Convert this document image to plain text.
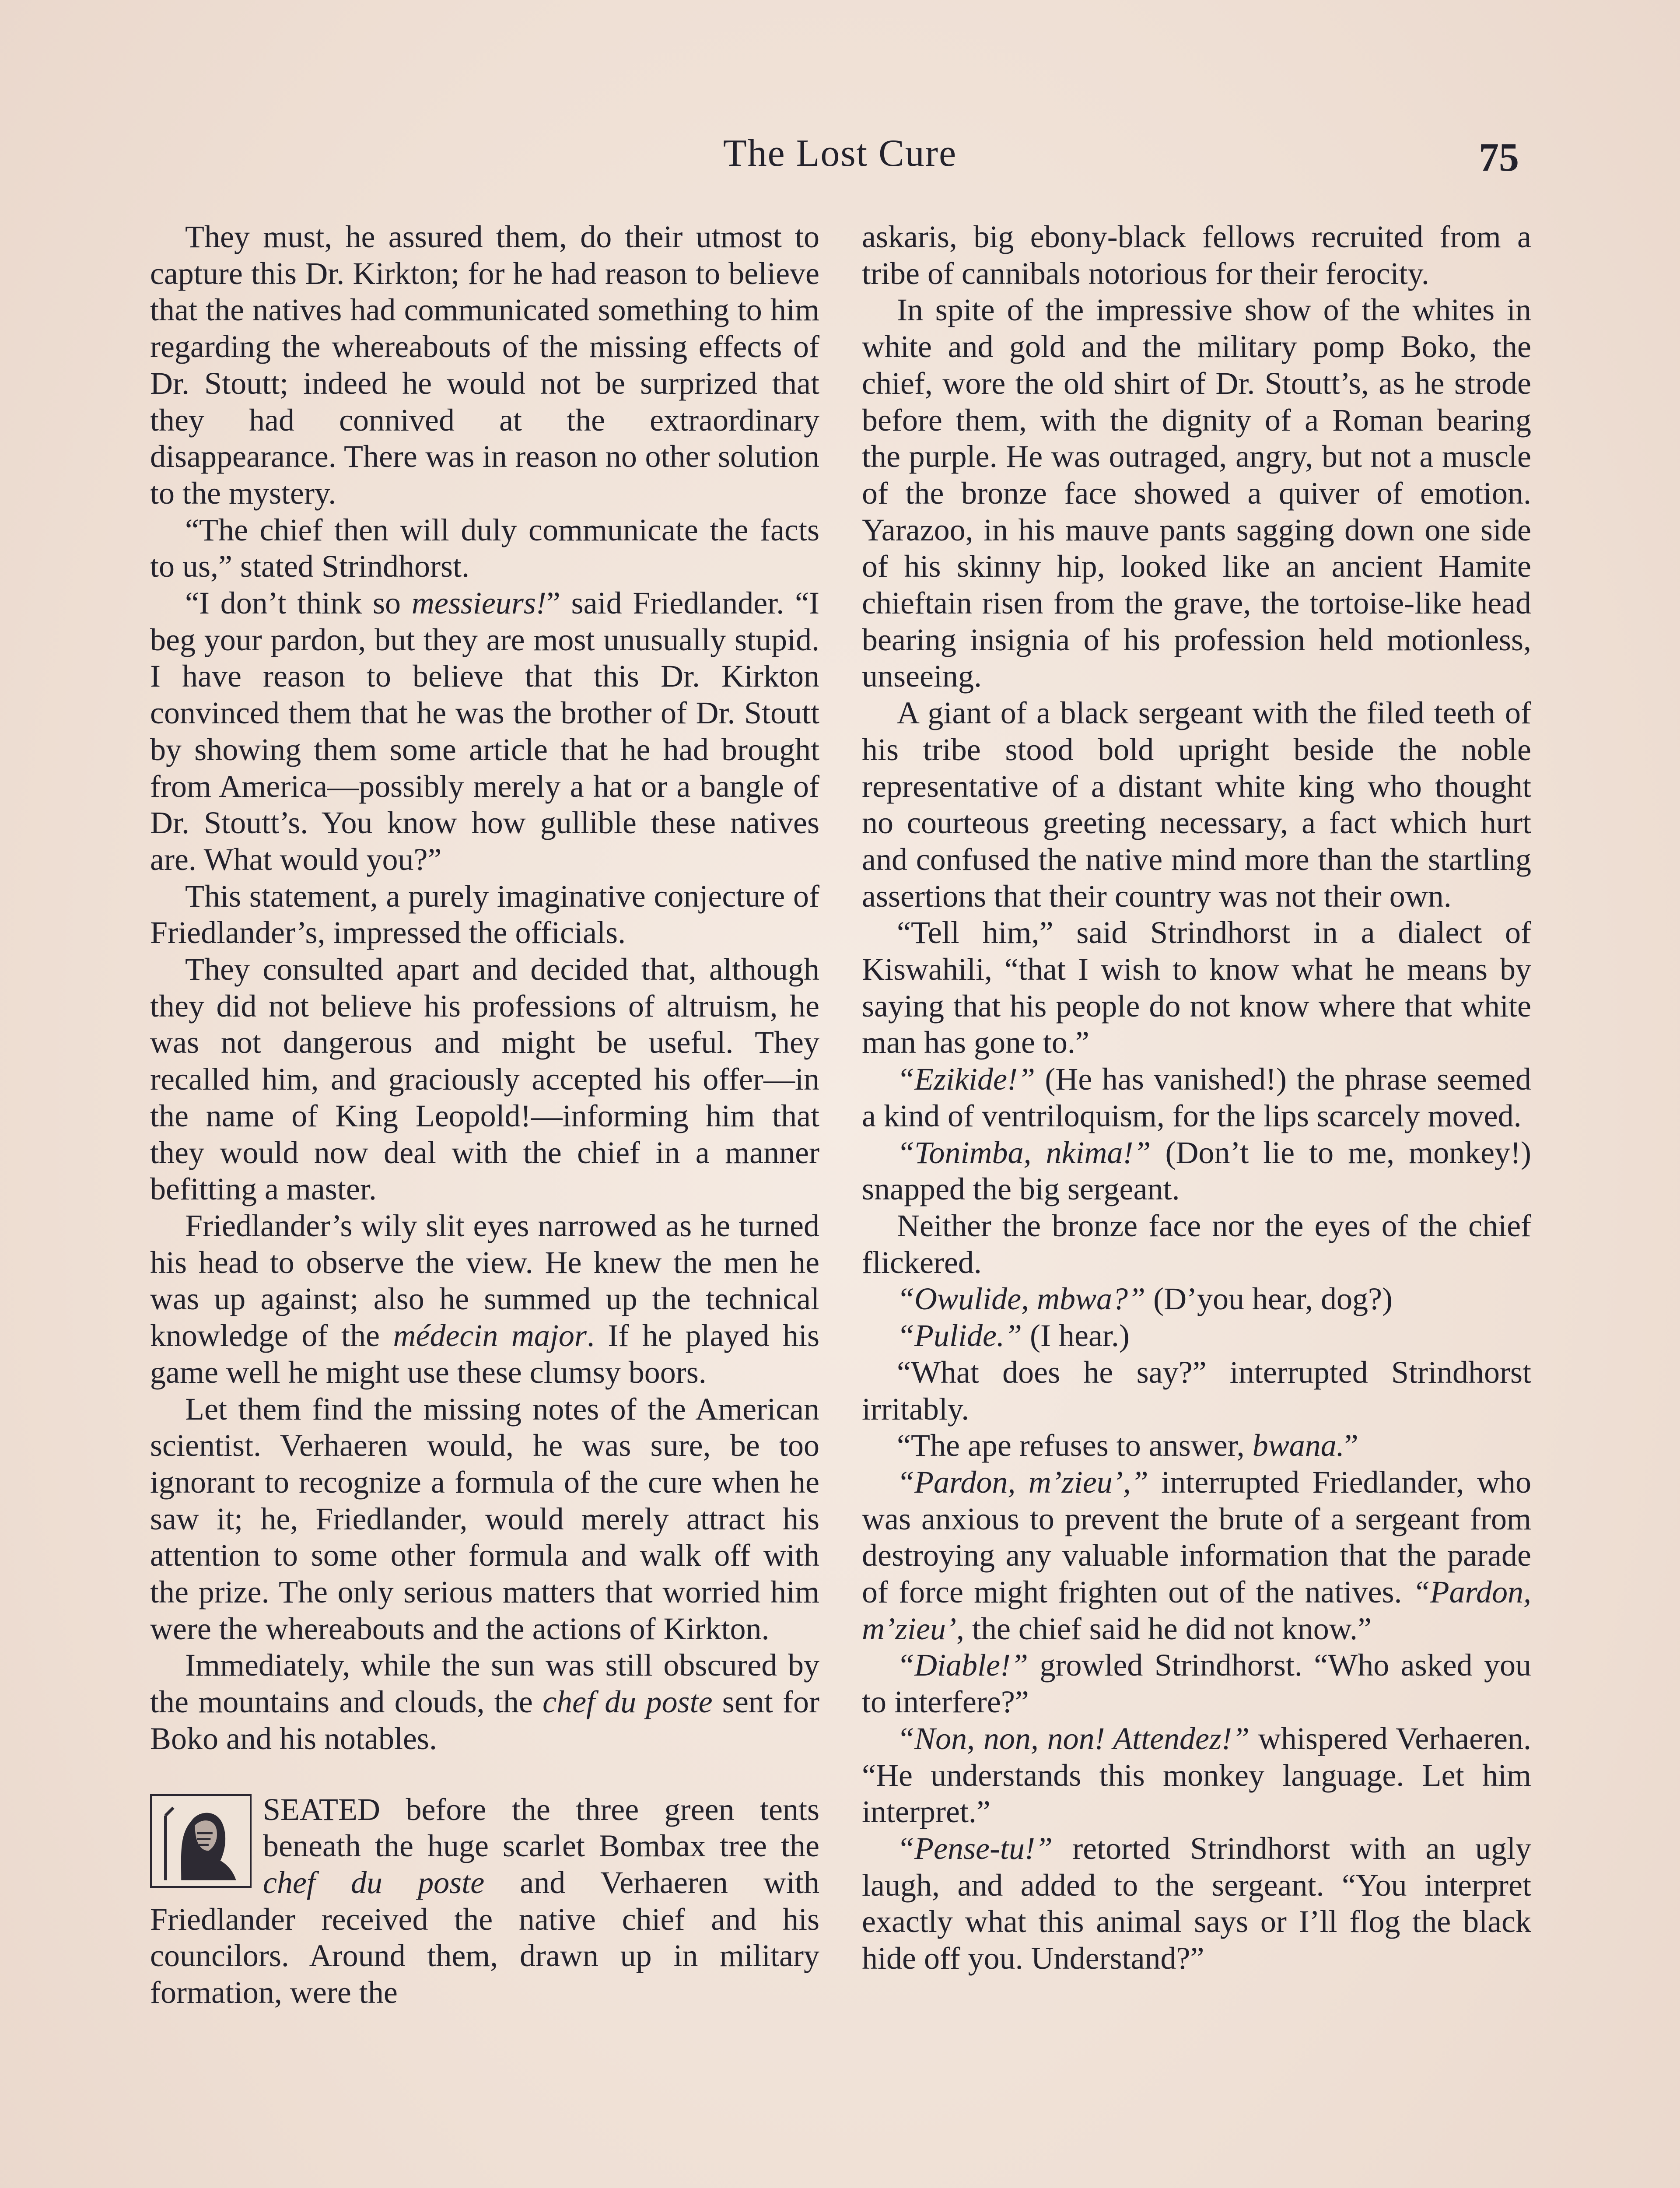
The Lost Cure	75

They must, he assured them, do their utmost to capture this Dr. Kirkton; for he had reason to believe that the natives had communicated something to him regarding the whereabouts of the missing effects of Dr. Stoutt; indeed he would not be surprized that they had connived at the extraordinary disappearance. There was in reason no other solution to the mystery.

“The chief then will duly communicate the facts to us,” stated Strindhorst.

“I don’t think so messieurs!” said Friedlander. “I beg your pardon, but they are most unusually stupid. I have reason to believe that this Dr. Kirkton convinced them that he was the brother of Dr. Stoutt by showing them some article that he had brought from America—possibly merely a hat or a bangle of Dr. Stoutt’s. You know how gullible these natives are. What would you?”

This statement, a purely imaginative conjecture of Friedlander’s, impressed the officials.

They consulted apart and decided that, although they did not believe his professions of altruism, he was not dangerous and might be useful. They recalled him, and graciously accepted his offer—in the name of King Leopold!—informing him that they would now deal with the chief in a manner befitting a master.

Friedlander’s wily slit eyes narrowed as he turned his head to observe the view. He knew the men he was up against; also he summed up the technical knowledge of the médecin major. If he played his game well he might use these clumsy boors.

Let them find the missing notes of the American scientist. Verhaeren would, he was sure, be too ignorant to recognize a formula of the cure when he saw it; he, Friedlander, would merely attract his attention to some other formula and walk off with the prize. The only serious matters that worried him were the whereabouts and the actions of Kirkton.

Immediately, while the sun was still obscured by the mountains and clouds, the chef du poste sent for Boko and his notables.

SEATED before the three green tents beneath the huge scarlet Bombax tree the chef du poste and Verhaeren with Friedlander received the native chief and his councilors. Around them, drawn up in military formation, were the

askaris, big ebony-black fellows recruited from a tribe of cannibals notorious for their ferocity.

In spite of the impressive show of the whites in white and gold and the military pomp Boko, the chief, wore the old shirt of Dr. Stoutt’s, as he strode before them, with the dignity of a Roman bearing the purple. He was outraged, angry, but not a muscle of the bronze face showed a quiver of emotion. Yarazoo, in his mauve pants sagging down one side of his skinny hip, looked like an ancient Hamite chieftain risen from the grave, the tortoise-like head bearing insignia of his profession held motionless, unseeing.

A giant of a black sergeant with the filed teeth of his tribe stood bold upright beside the noble representative of a distant white king who thought no courteous greeting necessary, a fact which hurt and confused the native mind more than the startling assertions that their country was not their own.

“Tell him,” said Strindhorst in a dialect of Kiswahili, “that I wish to know what he means by saying that his people do not know where that white man has gone to.”

“Ezikide!” (He has vanished!) the phrase seemed a kind of ventriloquism, for the lips scarcely moved.

“Tonimba, nkima!” (Don’t lie to me, monkey!) snapped the big sergeant.

Neither the bronze face nor the eyes of the chief flickered.

“Owulide, mbwa?” (D’you hear, dog?)

“Pulide.” (I hear.)

“What does he say?” interrupted Strindhorst irritably.

“The ape refuses to answer, bwana.”

“Pardon, m’zieu’,” interrupted Friedlander, who was anxious to prevent the brute of a sergeant from destroying any valuable information that the parade of force might frighten out of the natives. “Pardon, m’zieu’, the chief said he did not know.”

“Diable!” growled Strindhorst. “Who asked you to interfere?”

“Non, non, non! Attendez!” whispered Verhaeren. “He understands this monkey language. Let him interpret.”

“Pense-tu!” retorted Strindhorst with an ugly laugh, and added to the sergeant. “You interpret exactly what this animal says or I’ll flog the black hide off you. Understand?”
